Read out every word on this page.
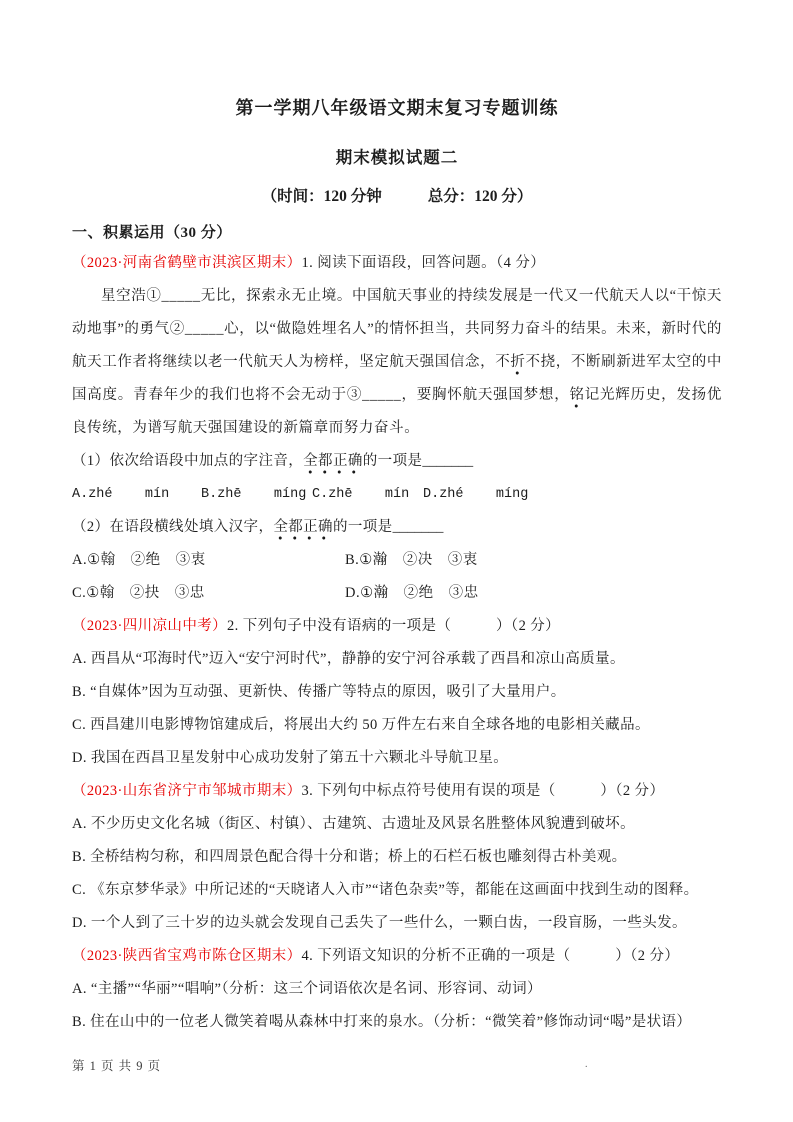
第一学期八年级语文期末复习专题训练
期末模拟试题二

（时间：120 分钟	总分：120 分）

一、积累运用（30 分）

（2023·河南省鹤壁市淇滨区期末）1. 阅读下面语段，回答问题。（4 分）

星空浩①_____无比，探索永无止境。中国航天事业的持续发展是一代又一代航天人以“干惊天动地事”的勇气②_____心，以“做隐姓埋名人”的情怀担当，共同努力奋斗的结果。未来，新时代的航天工作者将继续以老一代航天人为榜样，坚定航天强国信念，不折不挠，不断刷新进军太空的中国高度。青春年少的我们也将不会无动于③_____，要胸怀航天强国梦想，铭记光辉历史，发扬优良传统，为谱写航天强国建设的新篇章而努力奋斗。

（1）依次给语段中加点的字注音，全都正确的一项是_______

A.zhé    mín	B.zhē    míng C.zhē    mín	D.zhé    míng

（2）在语段横线处填入汉字，全都正确的一项是_______

A.①翰　②绝　③衷	B.①瀚　②决　③衷
C.①翰　②抉　③忠	D.①瀚　②绝　③忠

（2023·四川凉山中考）2. 下列句子中没有语病的一项是（　　　）（2 分）

A. 西昌从“邛海时代”迈入“安宁河时代”，静静的安宁河谷承载了西昌和凉山高质量。

B. “自媒体”因为互动强、更新快、传播广等特点的原因，吸引了大量用户。

C. 西昌建川电影博物馆建成后，将展出大约 50 万件左右来自全球各地的电影相关藏品。

D. 我国在西昌卫星发射中心成功发射了第五十六颗北斗导航卫星。

（2023·山东省济宁市邹城市期末）3. 下列句中标点符号使用有误的项是（　　　）（2 分）

A. 不少历史文化名城（街区、村镇）、古建筑、古遗址及风景名胜整体风貌遭到破坏。

B. 全桥结构匀称，和四周景色配合得十分和谐；桥上的石栏石板也雕刻得古朴美观。

C. 《东京梦华录》中所记述的“天晓诸人入市”“诸色杂卖”等，都能在这画面中找到生动的图释。

D. 一个人到了三十岁的边头就会发现自己丢失了一些什么，一颗白齿，一段盲肠，一些头发。

（2023·陕西省宝鸡市陈仓区期末）4. 下列语文知识的分析不正确的一项是（　　　）（2 分）

A. “主播”“华丽”“唱响”（分析：这三个词语依次是名词、形容词、动词）

B. 住在山中的一位老人微笑着喝从森林中打来的泉水。（分析：“微笑着”修饰动词“喝”是状语）

第 1 页 共 9 页	.
